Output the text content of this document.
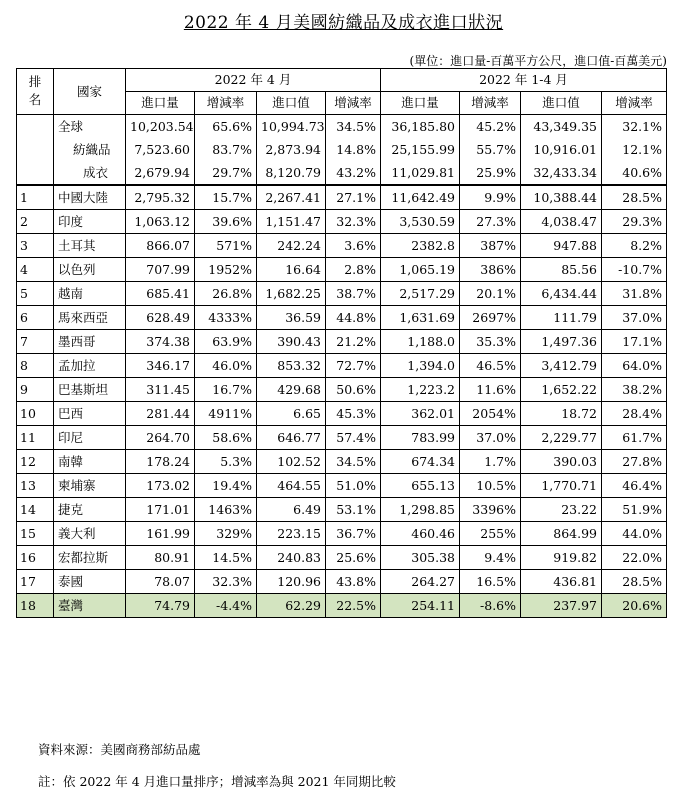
2022 年 4 月美國紡織品及成衣進口狀況
(單位：進口量-百萬平方公尺，進口值-百萬美元)
排名	國家	2022 年 4 月				2022 年 1-4 月			
		進口量	增減率	進口值	增減率	進口量	增減率	進口值	增減率
	全球	10,203.54	65.6%	10,994.73	34.5%	36,185.80	45.2%	43,349.35	32.1%
	紡織品	7,523.60	83.7%	2,873.94	14.8%	25,155.99	55.7%	10,916.01	12.1%
	成衣	2,679.94	29.7%	8,120.79	43.2%	11,029.81	25.9%	32,433.34	40.6%
1	中國大陸	2,795.32	15.7%	2,267.41	27.1%	11,642.49	9.9%	10,388.44	28.5%
2	印度	1,063.12	39.6%	1,151.47	32.3%	3,530.59	27.3%	4,038.47	29.3%
3	土耳其	866.07	571%	242.24	3.6%	2382.8	387%	947.88	8.2%
4	以色列	707.99	1952%	16.64	2.8%	1,065.19	386%	85.56	-10.7%
5	越南	685.41	26.8%	1,682.25	38.7%	2,517.29	20.1%	6,434.44	31.8%
6	馬來西亞	628.49	4333%	36.59	44.8%	1,631.69	2697%	111.79	37.0%
7	墨西哥	374.38	63.9%	390.43	21.2%	1,188.0	35.3%	1,497.36	17.1%
8	孟加拉	346.17	46.0%	853.32	72.7%	1,394.0	46.5%	3,412.79	64.0%
9	巴基斯坦	311.45	16.7%	429.68	50.6%	1,223.2	11.6%	1,652.22	38.2%
10	巴西	281.44	4911%	6.65	45.3%	362.01	2054%	18.72	28.4%
11	印尼	264.70	58.6%	646.77	57.4%	783.99	37.0%	2,229.77	61.7%
12	南韓	178.24	5.3%	102.52	34.5%	674.34	1.7%	390.03	27.8%
13	柬埔寨	173.02	19.4%	464.55	51.0%	655.13	10.5%	1,770.71	46.4%
14	捷克	171.01	1463%	6.49	53.1%	1,298.85	3396%	23.22	51.9%
15	義大利	161.99	329%	223.15	36.7%	460.46	255%	864.99	44.0%
16	宏都拉斯	80.91	14.5%	240.83	25.6%	305.38	9.4%	919.82	22.0%
17	泰國	78.07	32.3%	120.96	43.8%	264.27	16.5%	436.81	28.5%
18	臺灣	74.79	-4.4%	62.29	22.5%	254.11	-8.6%	237.97	20.6%
資料來源：美國商務部紡品處
註：依 2022 年 4 月進口量排序；增減率為與 2021 年同期比較
